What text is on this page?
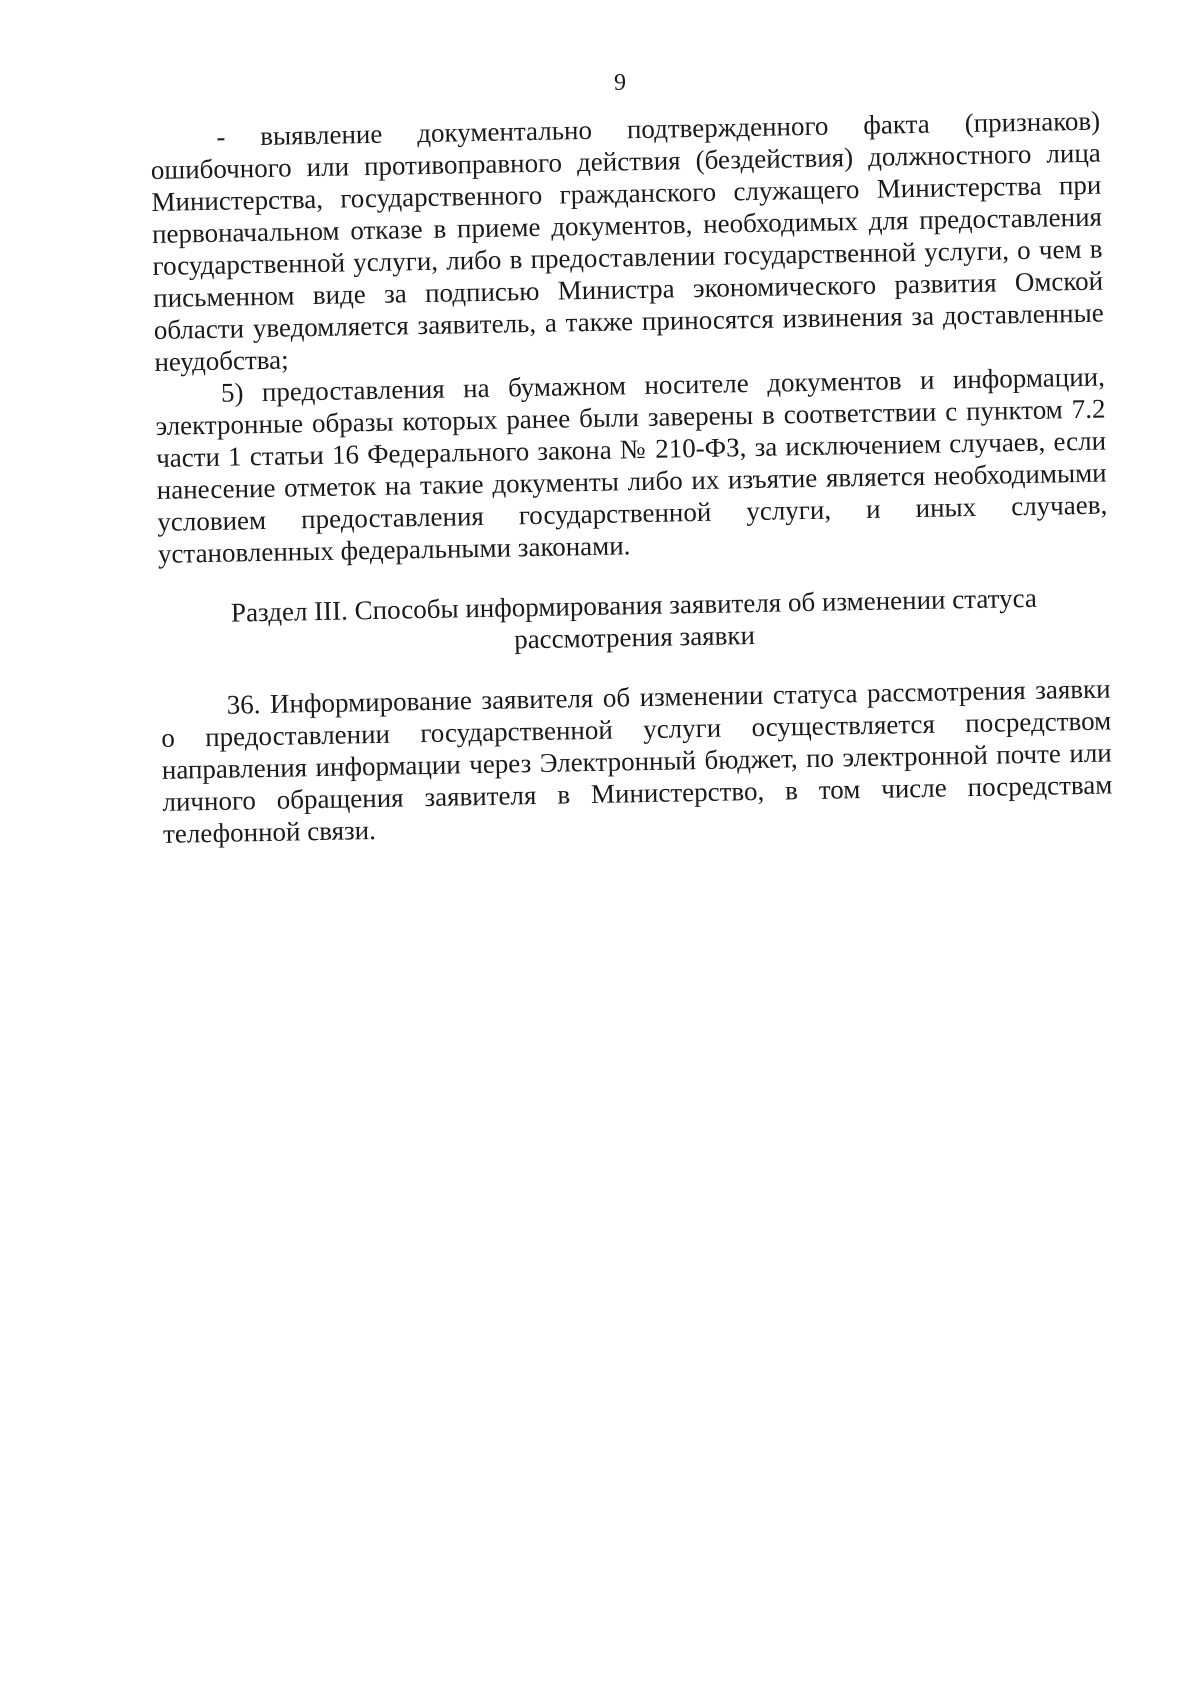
9

- выявление документально подтвержденного факта (признаков) ошибочного или противоправного действия (бездействия) должностного лица Министерства, государственного гражданского служащего Министерства при первоначальном отказе в приеме документов, необходимых для предоставления государственной услуги, либо в предоставлении государственной услуги, о чем в письменном виде за подписью Министра экономического развития Омской области уведомляется заявитель, а также приносятся извинения за доставленные неудобства;

5) предоставления на бумажном носителе документов и информации, электронные образы которых ранее были заверены в соответствии с пунктом 7.2 части 1 статьи 16 Федерального закона № 210-ФЗ, за исключением случаев, если нанесение отметок на такие документы либо их изъятие является необходимыми условием предоставления государственной услуги, и иных случаев, установленных федеральными законами.

Раздел III. Способы информирования заявителя об изменении статуса
рассмотрения заявки

36. Информирование заявителя об изменении статуса рассмотрения заявки о предоставлении государственной услуги осуществляется посредством направления информации через Электронный бюджет, по электронной почте или личного обращения заявителя в Министерство, в том числе посредствам телефонной связи.
